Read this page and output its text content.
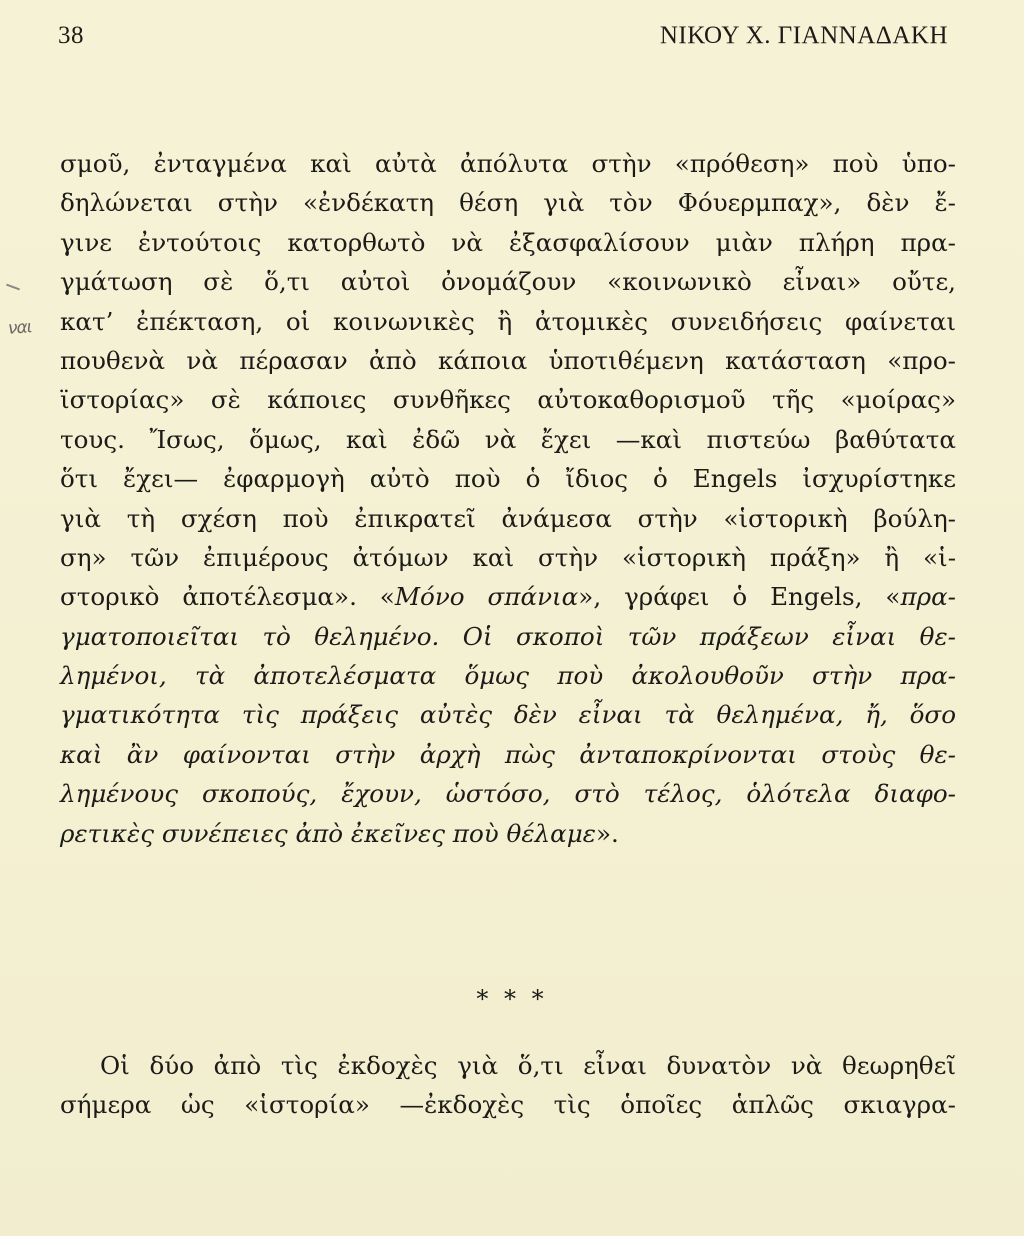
38	ΝΙΚΟΥ Χ. ΓΙΑΝΝΑΔΑΚΗ
ναι
σμοῦ, ἐνταγμένα καὶ αὐτὰ ἀπόλυτα στὴν «πρόθεση» ποὺ ὑπο-
δηλώνεται στὴν «ἐνδέκατη θέση γιὰ τὸν Φόυερμπαχ», δὲν ἔ-
γινε ἐντούτοις κατορθωτὸ νὰ ἐξασφαλίσουν μιὰν πλήρη πρα-
γμάτωση σὲ ὅ,τι αὐτοὶ ὀνομάζουν «κοινωνικὸ εἶναι» οὔτε,
κατ’ ἐπέκταση, οἱ κοινωνικὲς ἢ ἀτομικὲς συνειδήσεις φαίνεται
πουθενὰ νὰ πέρασαν ἀπὸ κάποια ὑποτιθέμενη κατάσταση «προ-
ϊστορίας» σὲ κάποιες συνθῆκες αὐτοκαθορισμοῦ τῆς «μοίρας»
τους. Ἴσως, ὅμως, καὶ ἐδῶ νὰ ἔχει —καὶ πιστεύω βαθύτατα
ὅτι ἔχει— ἐφαρμογὴ αὐτὸ ποὺ ὁ ἴδιος ὁ Engels ἰσχυρίστηκε
γιὰ τὴ σχέση ποὺ ἐπικρατεῖ ἀνάμεσα στὴν «ἱστορικὴ βούλη-
ση» τῶν ἐπιμέρους ἀτόμων καὶ στὴν «ἱστορικὴ πράξη» ἢ «ἱ-
στορικὸ ἀποτέλεσμα». «Μόνο σπάνια», γράφει ὁ Engels, «πρα-
γματοποιεῖται τὸ θελημένο. Οἱ σκοποὶ τῶν πράξεων εἶναι θε-
λημένοι, τὰ ἀποτελέσματα ὅμως ποὺ ἀκολουθοῦν στὴν πρα-
γματικότητα τὶς πράξεις αὐτὲς δὲν εἶναι τὰ θελημένα, ἤ, ὅσο
καὶ ἂν φαίνονται στὴν ἀρχὴ πὼς ἀνταποκρίνονται στοὺς θε-
λημένους σκοπούς, ἔχουν, ὡστόσο, στὸ τέλος, ὁλότελα διαφο-
ρετικὲς συνέπειες ἀπὸ ἐκεῖνες ποὺ θέλαμε».
* * *
Οἱ δύο ἀπὸ τὶς ἐκδοχὲς γιὰ ὅ,τι εἶναι δυνατὸν νὰ θεωρηθεῖ
σήμερα ὡς «ἱστορία» —ἐκδοχὲς τὶς ὁποῖες ἁπλῶς σκιαγρα-
